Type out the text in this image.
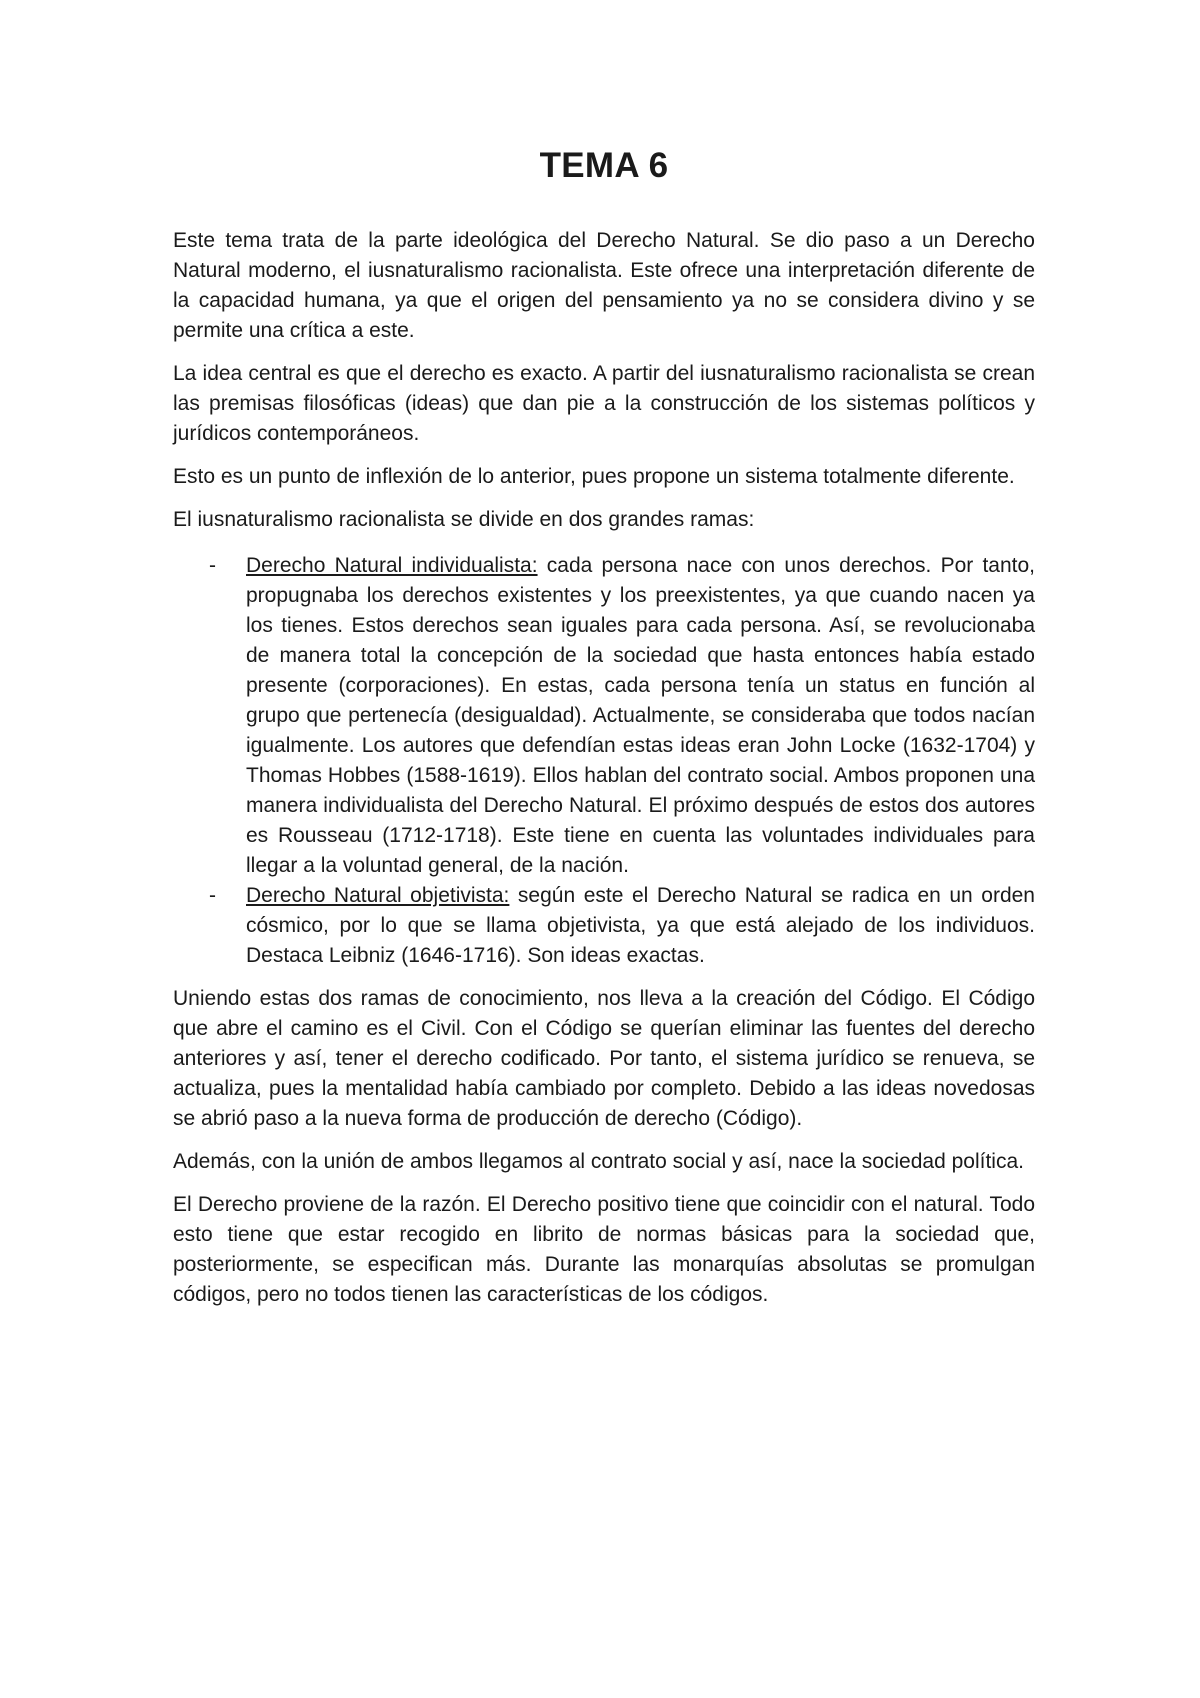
TEMA 6

Este tema trata de la parte ideológica del Derecho Natural. Se dio paso a un Derecho Natural moderno, el iusnaturalismo racionalista. Este ofrece una interpretación diferente de la capacidad humana, ya que el origen del pensamiento ya no se considera divino y se permite una crítica a este.

La idea central es que el derecho es exacto. A partir del iusnaturalismo racionalista se crean las premisas filosóficas (ideas) que dan pie a la construcción de los sistemas políticos y jurídicos contemporáneos.

Esto es un punto de inflexión de lo anterior, pues propone un sistema totalmente diferente.

El iusnaturalismo racionalista se divide en dos grandes ramas:

- Derecho Natural individualista: cada persona nace con unos derechos. Por tanto, propugnaba los derechos existentes y los preexistentes, ya que cuando nacen ya los tienes. Estos derechos sean iguales para cada persona. Así, se revolucionaba de manera total la concepción de la sociedad que hasta entonces había estado presente (corporaciones). En estas, cada persona tenía un status en función al grupo que pertenecía (desigualdad). Actualmente, se consideraba que todos nacían igualmente. Los autores que defendían estas ideas eran John Locke (1632-1704) y Thomas Hobbes (1588-1619). Ellos hablan del contrato social. Ambos proponen una manera individualista del Derecho Natural. El próximo después de estos dos autores es Rousseau (1712-1718). Este tiene en cuenta las voluntades individuales para llegar a la voluntad general, de la nación.
- Derecho Natural objetivista: según este el Derecho Natural se radica en un orden cósmico, por lo que se llama objetivista, ya que está alejado de los individuos. Destaca Leibniz (1646-1716). Son ideas exactas.

Uniendo estas dos ramas de conocimiento, nos lleva a la creación del Código. El Código que abre el camino es el Civil. Con el Código se querían eliminar las fuentes del derecho anteriores y así, tener el derecho codificado. Por tanto, el sistema jurídico se renueva, se actualiza, pues la mentalidad había cambiado por completo. Debido a las ideas novedosas se abrió paso a la nueva forma de producción de derecho (Código).

Además, con la unión de ambos llegamos al contrato social y así, nace la sociedad política.

El Derecho proviene de la razón. El Derecho positivo tiene que coincidir con el natural. Todo esto tiene que estar recogido en librito de normas básicas para la sociedad que, posteriormente, se especifican más. Durante las monarquías absolutas se promulgan códigos, pero no todos tienen las características de los códigos.
